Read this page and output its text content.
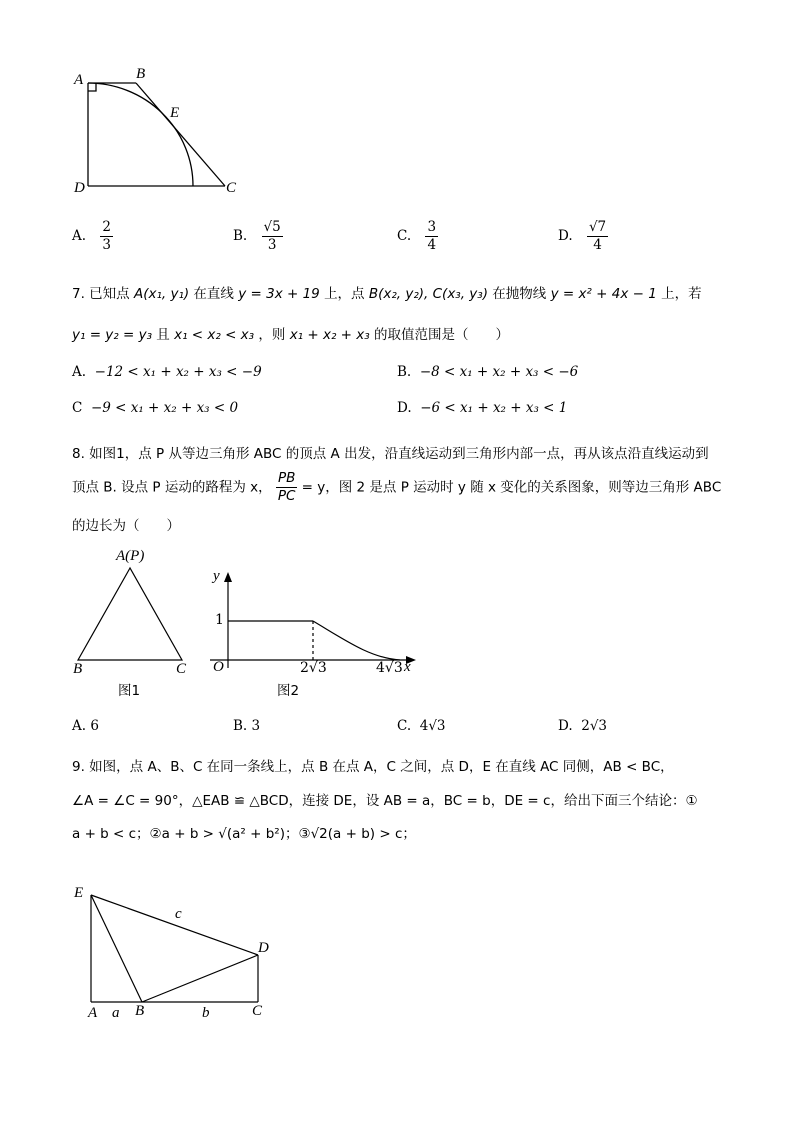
A	B
E
D	C
A. $\frac{2}{3}$	B. $\frac{√5}{3}$	C. $\frac{3}{4}$	D. $\frac{√7}{4}$
7. 已知点 A(x₁, y₁) 在直线 y = 3x + 19 上，点 B(x₂, y₂), C(x₃, y₃) 在抛物线 y = x² + 4x − 1 上，若
y₁ = y₂ = y₃ 且 x₁ < x₂ < x₃ ，则 x₁ + x₂ + x₃ 的取值范围是（　　）
A. −12 < x₁ + x₂ + x₃ < −9	B. −8 < x₁ + x₂ + x₃ < −6
C −9 < x₁ + x₂ + x₃ < 0	D. −6 < x₁ + x₂ + x₃ < 1
8. 如图1，点 P 从等边三角形 ABC 的顶点 A 出发，沿直线运动到三角形内部一点，再从该点沿直线运动到
顶点 B. 设点 P 运动的路程为 x， $\frac{PB}{PC} = y$，图 2 是点 P 运动时 y 随 x 变化的关系图象，则等边三角形 ABC
的边长为（　　）
A(P)
B	C
图1
y
1
O	2√3	4√3 x
图2
A. 6	B. 3	C. 4√3	D. 2√3
9. 如图，点 A、B、C 在同一条线上，点 B 在点 A，C 之间，点 D，E 在直线 AC 同侧，AB < BC，
∠A = ∠C = 90°，△EAB ≌ △BCD，连接 DE，设 AB = a，BC = b，DE = c，给出下面三个结论：①
a + b < c；②a + b > √(a² + b²)；③√2(a + b) > c；
E
c
D
A a B	b	C
